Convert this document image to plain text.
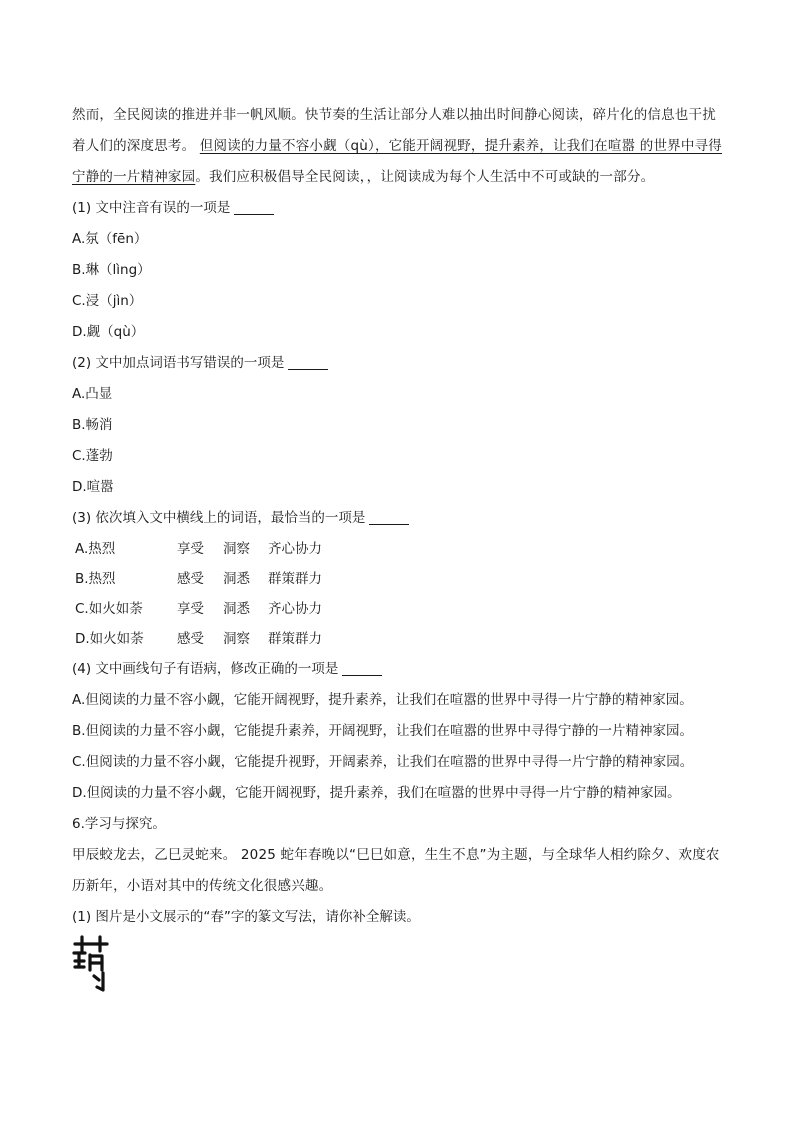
然而，全民阅读的推进并非一帆风顺。快节奏的生活让部分人难以抽出时间静心阅读，碎片化的信息也干扰着人们的深度思考。 但阅读的力量不容小觑（qù），它能开阔视野，提升素养，让我们在喧嚣 的世界中寻得宁静的一片精神家园。我们应积极倡导全民阅读，，让阅读成为每个人生活中不可或缺的一部分。

(1) 文中注音有误的一项是
A.氛（fēn）
B.琳（lìng）
C.浸（jìn）
D.觑（qù）
(2) 文中加点词语书写错误的一项是
A.凸显
B.畅消
C.蓬勃
D.喧嚣
(3) 依次填入文中横线上的词语，最恰当的一项是
A.热烈	享受 洞察 齐心协力
B.热烈	感受 洞悉 群策群力
C.如火如荼	享受 洞悉 齐心协力
D.如火如荼 感受 洞察 群策群力
(4) 文中画线句子有语病，修改正确的一项是
A.但阅读的力量不容小觑，它能开阔视野，提升素养，让我们在喧嚣的世界中寻得一片宁静的精神家园。
B.但阅读的力量不容小觑，它能提升素养，开阔视野，让我们在喧嚣的世界中寻得宁静的一片精神家园。
C.但阅读的力量不容小觑，它能提升视野，开阔素养，让我们在喧嚣的世界中寻得一片宁静的精神家园。
D.但阅读的力量不容小觑，它能开阔视野，提升素养，我们在喧嚣的世界中寻得一片宁静的精神家园。
6.学习与探究。

甲辰蛟龙去，乙巳灵蛇来。 2025 蛇年春晚以“巳巳如意，生生不息”为主题，与全球华人相约除夕、欢度农历新年，小语对其中的传统文化很感兴趣。

(1) 图片是小文展示的“春”字的篆文写法，请你补全解读。
